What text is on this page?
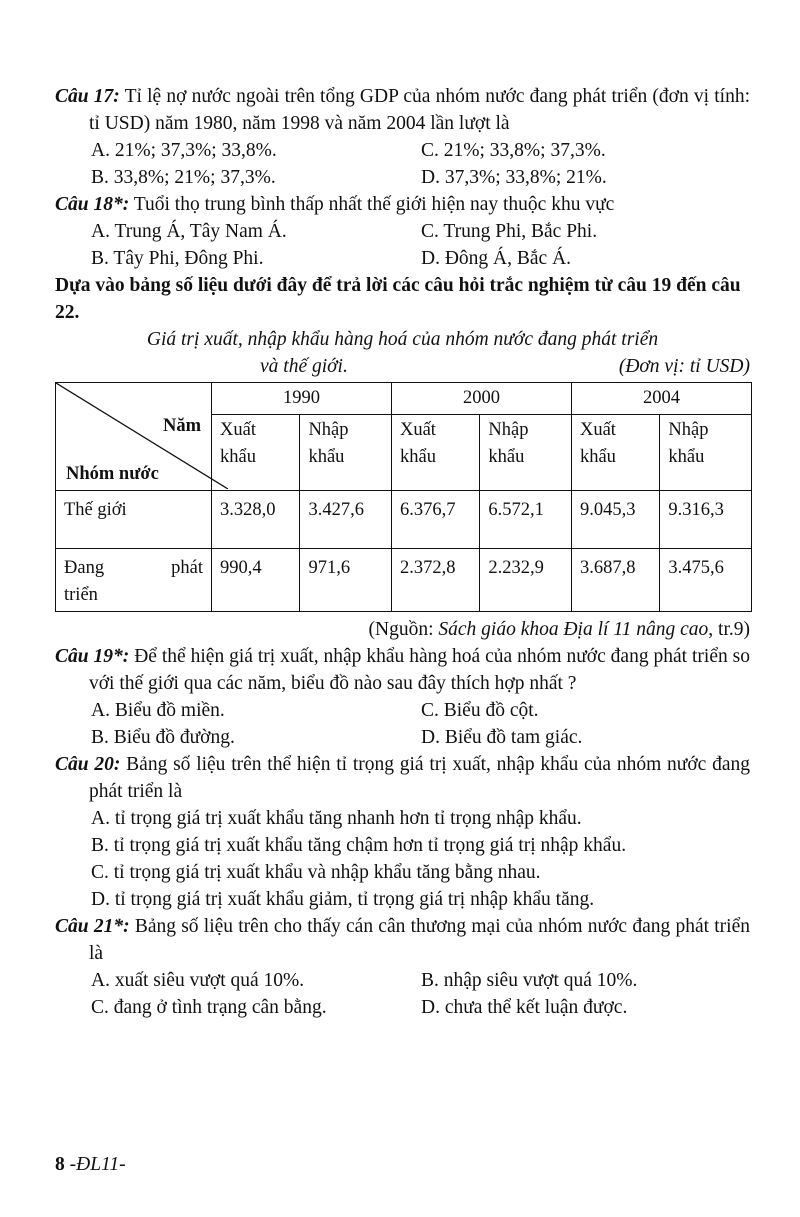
Câu 17: Tỉ lệ nợ nước ngoài trên tổng GDP của nhóm nước đang phát triển (đơn vị tính: tỉ USD) năm 1980, năm 1998 và năm 2004 lần lượt là
A. 21%; 37,3%; 33,8%.	C. 21%; 33,8%; 37,3%.
B. 33,8%; 21%; 37,3%.	D. 37,3%; 33,8%; 21%.
Câu 18*: Tuổi thọ trung bình thấp nhất thế giới hiện nay thuộc khu vực
A. Trung Á, Tây Nam Á.	C. Trung Phi, Bắc Phi.
B. Tây Phi, Đông Phi.	D. Đông Á, Bắc Á.
Dựa vào bảng số liệu dưới đây để trả lời các câu hỏi trắc nghiệm từ câu 19 đến câu 22.

Giá trị xuất, nhập khẩu hàng hoá của nhóm nước đang phát triển

và thế giới.	(Đơn vị: tỉ USD)
Năm
Nhóm nước	1990		2000		2004	
	Xuất khẩu	Nhập khẩu	Xuất khẩu	Nhập khẩu	Xuất khẩu	Nhập khẩu
Thế giới	3.328,0	3.427,6	6.376,7	6.572,1	9.045,3	9.316,3

Đang phát
triển	990,4	971,6	2.372,8	2.232,9	3.687,8	3.475,6
(Nguồn: Sách giáo khoa Địa lí 11 nâng cao, tr.9)
Câu 19*: Để thể hiện giá trị xuất, nhập khẩu hàng hoá của nhóm nước đang phát triển so với thế giới qua các năm, biểu đồ nào sau đây thích hợp nhất ?
A. Biểu đồ miền.	C. Biểu đồ cột.
B. Biểu đồ đường.	D. Biểu đồ tam giác.
Câu 20: Bảng số liệu trên thể hiện tỉ trọng giá trị xuất, nhập khẩu của nhóm nước đang phát triển là
A. tỉ trọng giá trị xuất khẩu tăng nhanh hơn tỉ trọng nhập khẩu.
B. tỉ trọng giá trị xuất khẩu tăng chậm hơn tỉ trọng giá trị nhập khẩu.
C. tỉ trọng giá trị xuất khẩu và nhập khẩu tăng bằng nhau.
D. tỉ trọng giá trị xuất khẩu giảm, tỉ trọng giá trị nhập khẩu tăng.
Câu 21*: Bảng số liệu trên cho thấy cán cân thương mại của nhóm nước đang phát triển là
A. xuất siêu vượt quá 10%.	B. nhập siêu vượt quá 10%.
C. đang ở tình trạng cân bằng.	D. chưa thể kết luận được.
8 -ĐL11-
